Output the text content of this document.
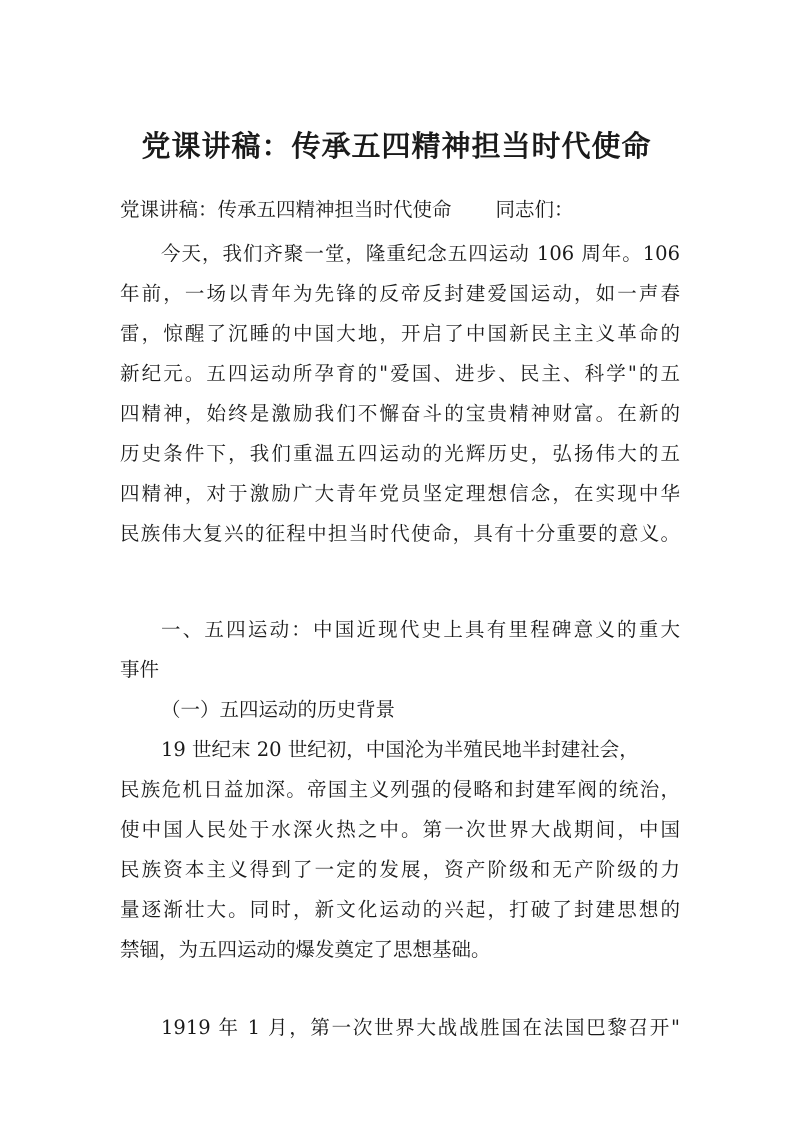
党课讲稿：传承五四精神担当时代使命

党课讲稿：传承五四精神担当时代使命 同志们：

今天，我们齐聚一堂，隆重纪念五四运动 106 周年。106

年前，一场以青年为先锋的反帝反封建爱国运动，如一声春

雷，惊醒了沉睡的中国大地，开启了中国新民主主义革命的

新纪元。五四运动所孕育的"爱国、进步、民主、科学"的五

四精神，始终是激励我们不懈奋斗的宝贵精神财富。在新的

历史条件下，我们重温五四运动的光辉历史，弘扬伟大的五

四精神，对于激励广大青年党员坚定理想信念，在实现中华

民族伟大复兴的征程中担当时代使命，具有十分重要的意义。

一、五四运动：中国近现代史上具有里程碑意义的重大

事件

（一）五四运动的历史背景

19 世纪末 20 世纪初，中国沦为半殖民地半封建社会，

民族危机日益加深。帝国主义列强的侵略和封建军阀的统治，

使中国人民处于水深火热之中。第一次世界大战期间，中国

民族资本主义得到了一定的发展，资产阶级和无产阶级的力

量逐渐壮大。同时，新文化运动的兴起，打破了封建思想的

禁锢，为五四运动的爆发奠定了思想基础。

1919 年 1 月，第一次世界大战战胜国在法国巴黎召开"
